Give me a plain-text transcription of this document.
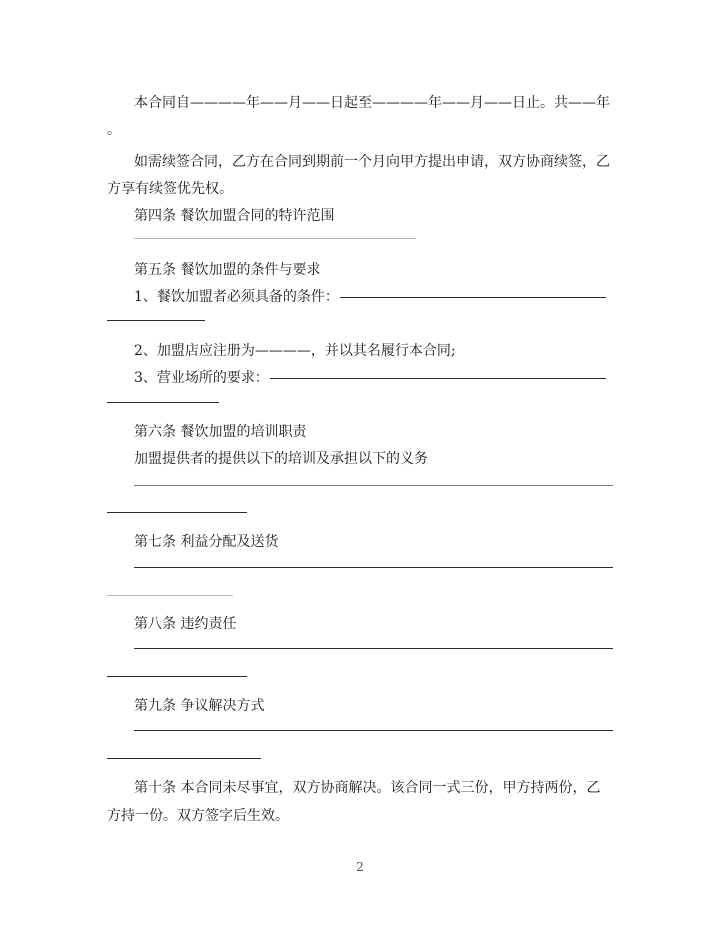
本合同自————年——月——日起至————年——月——日止。共——年
。
如需续签合同，乙方在合同到期前一个月向甲方提出申请，双方协商续签，乙
方享有续签优先权。
第四条 餐饮加盟合同的特许范围
第五条 餐饮加盟的条件与要求
1、餐饮加盟者必须具备的条件：
2、加盟店应注册为————，并以其名履行本合同;
3、营业场所的要求：
第六条 餐饮加盟的培训职责
加盟提供者的提供以下的培训及承担以下的义务
第七条 利益分配及送货
第八条 违约责任
第九条 争议解决方式
第十条 本合同未尽事宜，双方协商解决。该合同一式三份，甲方持两份，乙
方持一份。双方签字后生效。
2
